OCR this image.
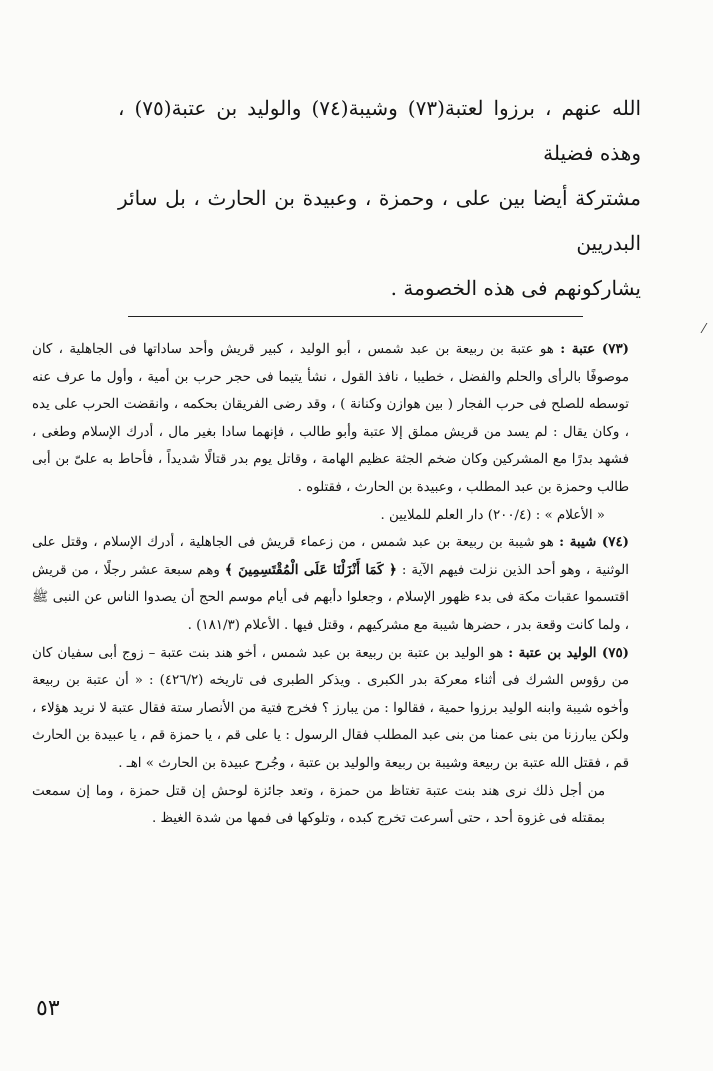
الله عنهم ، برزوا لعتبة(٧٣) وشيبة(٧٤) والوليد بن عتبة(٧٥) ، وهذه فضيلة

مشتركة أيضا بين على ، وحمزة ، وعبيدة بن الحارث ، بل سائر البدريين

يشاركونهم فى هذه الخصومة .

(٧٣) عتبة : هو عتبة بن ربيعة بن عبد شمس ، أبو الوليد ، كبير قريش وأحد ساداتها فى الجاهلية ، كان موصوفًا بالرأى والحلم والفضل ، خطيبا ، نافذ القول ، نشأ يتيما فى حجر حرب بن أمية ، وأول ما عرف عنه توسطه للصلح فى حرب الفجار ( بين هوازن وكنانة ) ، وقد رضى الفريقان بحكمه ، وانقضت الحرب على يده ، وكان يقال : لم يسد من قريش مملق إلا عتبة وأبو طالب ، فإنهما سادا بغير مال ، أدرك الإسلام وطغى ، فشهد بدرًا مع المشركين وكان ضخم الجثة عظيم الهامة ، وقاتل يوم بدر قتالًا شديداً ، فأحاط به علىّ بن أبى طالب وحمزة بن عبد المطلب ، وعبيدة بن الحارث ، فقتلوه .

« الأعلام » : (٢٠٠/٤) دار العلم للملايين .

(٧٤) شيبة : هو شيبة بن ربيعة بن عبد شمس ، من زعماء قريش فى الجاهلية ، أدرك الإسلام ، وقتل على الوثنية ، وهو أحد الذين نزلت فيهم الآية : ﴿ كَمَا أَنْزَلْنَا عَلَى الْمُقْتَسِمِينَ ﴾ وهم سبعة عشر رجلًا ، من قريش اقتسموا عقبات مكة فى بدء ظهور الإسلام ، وجعلوا دأبهم فى أيام موسم الحج أن يصدوا الناس عن النبى ﷺ ، ولما كانت وقعة بدر ، حضرها شيبة مع مشركيهم ، وقتل فيها . الأعلام (١٨١/٣) .

(٧٥) الوليد بن عتبة : هو الوليد بن عتبة بن ربيعة بن عبد شمس ، أخو هند بنت عتبة – زوج أبى سفيان كان من رؤوس الشرك فى أثناء معركة بدر الكبرى . ويذكر الطبرى فى تاريخه (٤٢٦/٢) : « أن عتبة بن ربيعة وأخوه شيبة وابنه الوليد برزوا حمية ، فقالوا : من يبارز ؟ فخرج فتية من الأنصار ستة فقال عتبة لا نريد هؤلاء ، ولكن يبارزنا من بنى عمنا من بنى عبد المطلب فقال الرسول : يا على قم ، يا حمزة قم ، يا عبيدة بن الحارث قم ، فقتل الله عتبة بن ربيعة وشيبة بن ربيعة والوليد بن عتبة ، وجُرح عبيدة بن الحارث » اهـ .

من أجل ذلك نرى هند بنت عتبة تغتاظ من حمزة ، وتعد جائزة لوحش إن قتل حمزة ، وما إن سمعت بمقتله فى غزوة أحد ، حتى أسرعت تخرج كبده ، وتلوكها فى فمها من شدة الغيظ .

⁄
٥٣
